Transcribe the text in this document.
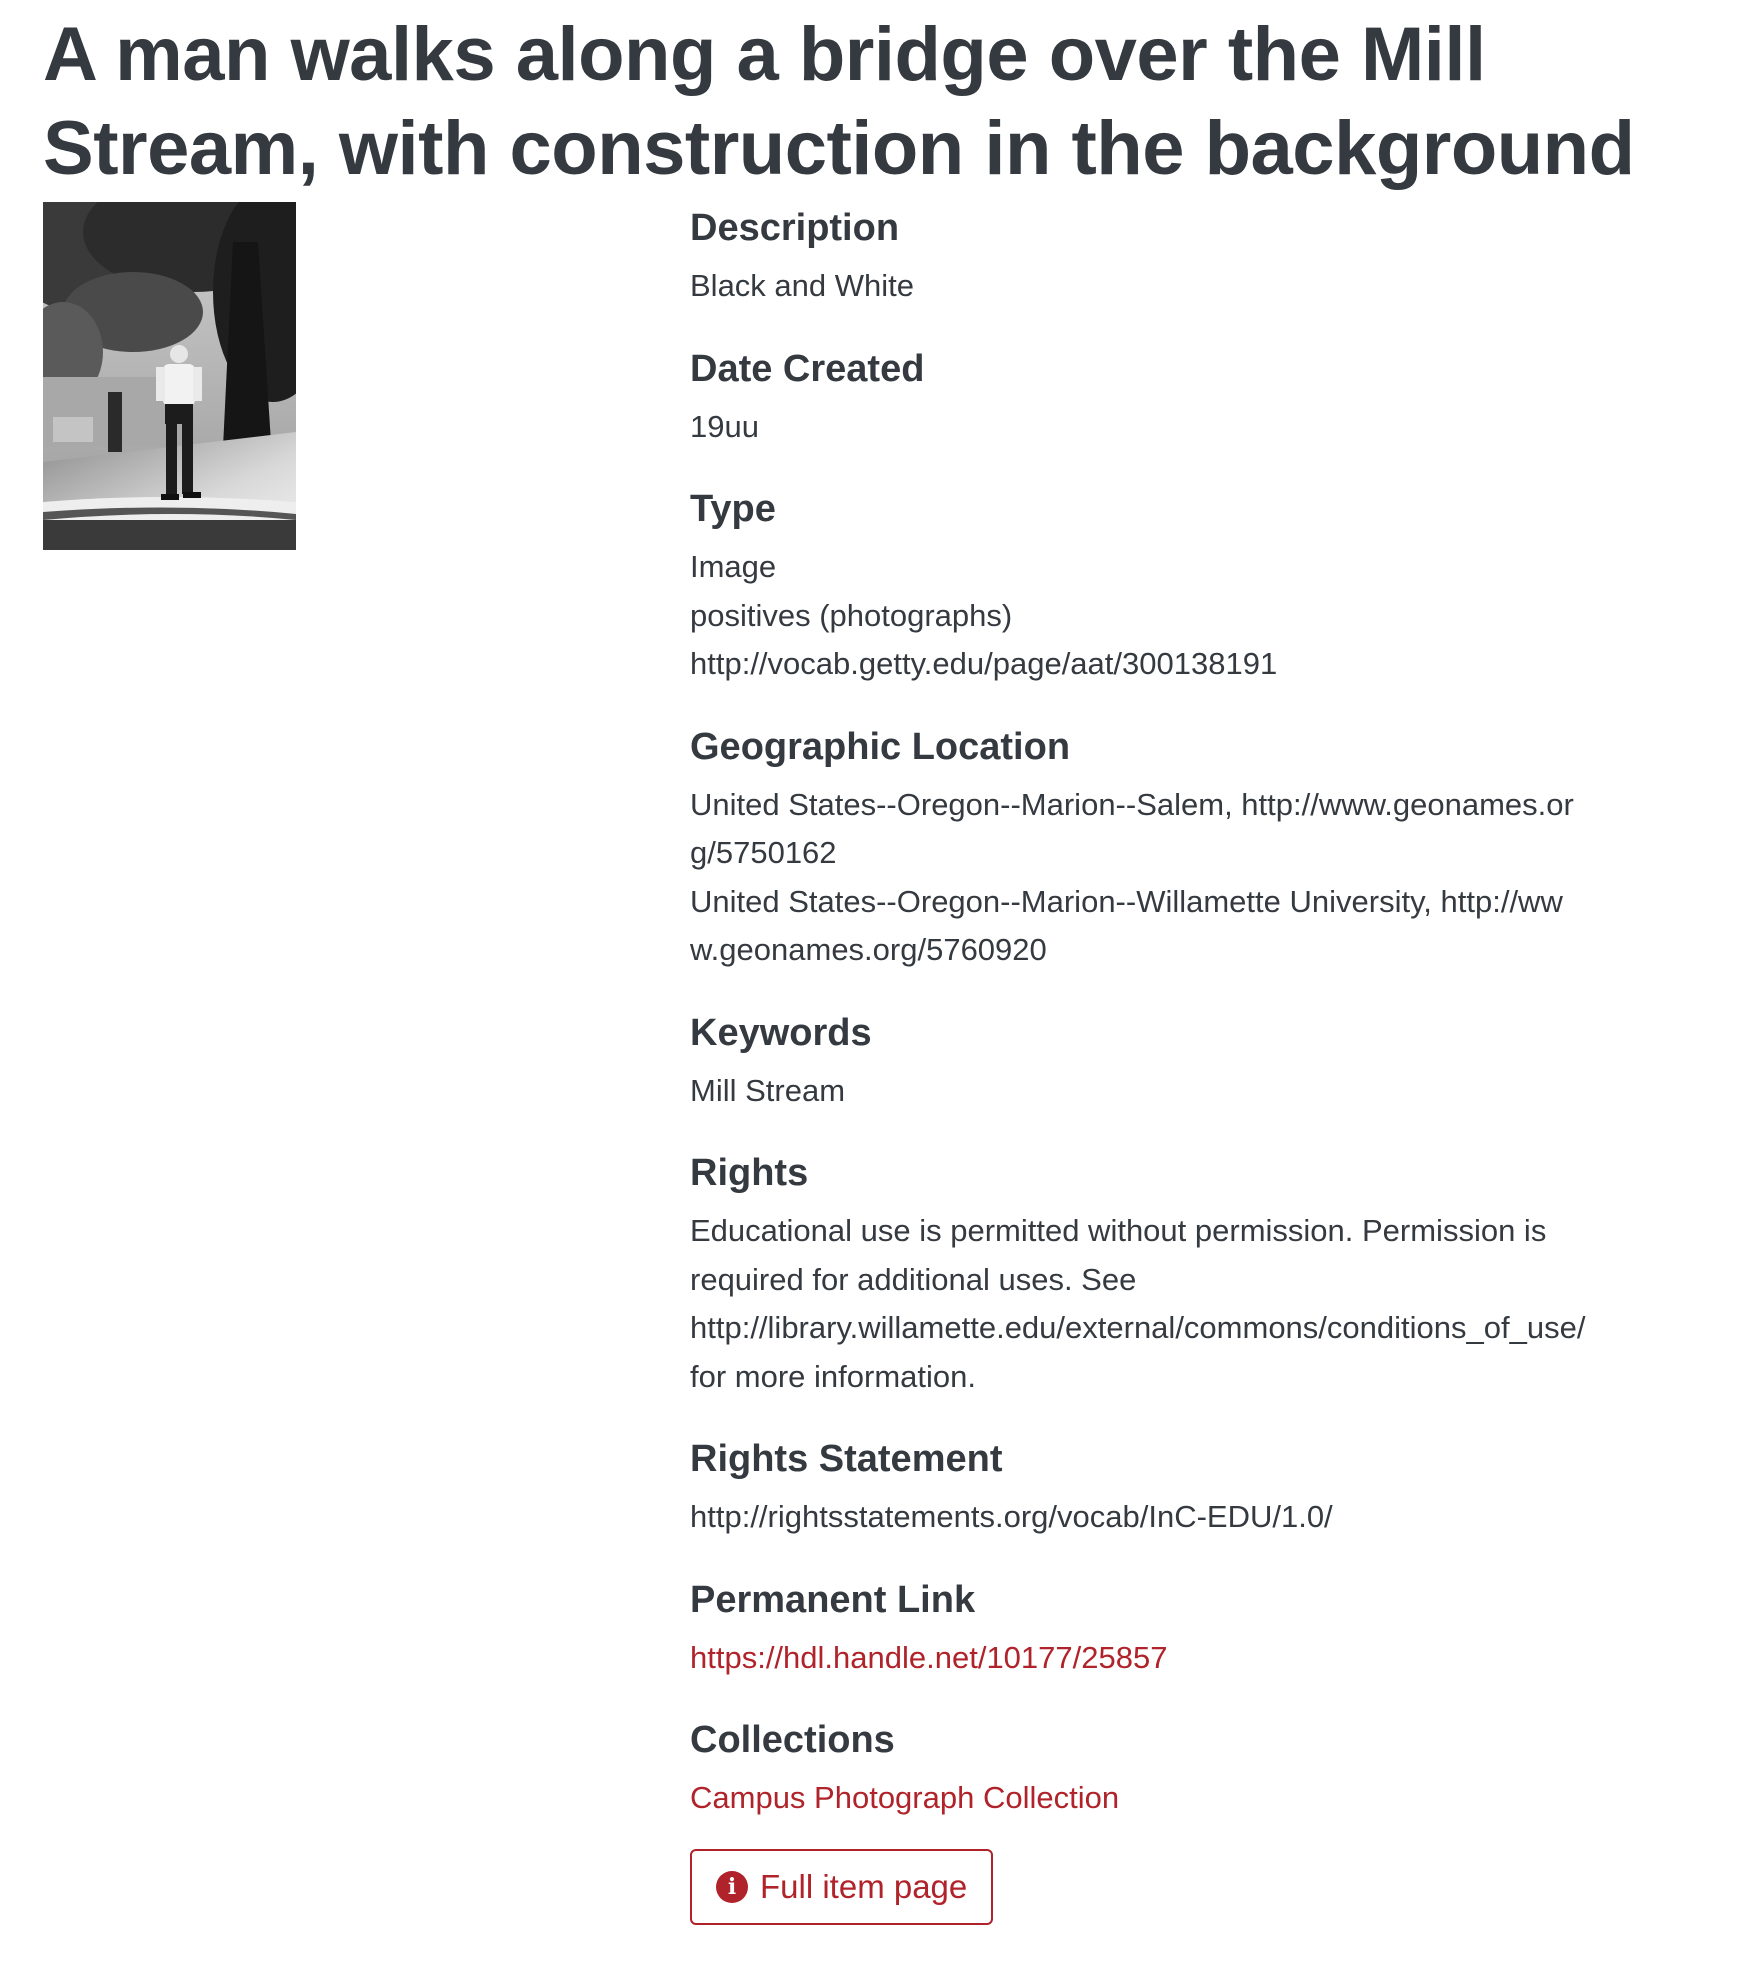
A man walks along a bridge over the Mill Stream, with construction in the background
Description
Black and White
Date Created
19uu
Type
Image
positives (photographs)
http://vocab.getty.edu/page/aat/300138191
Geographic Location
United States--Oregon--Marion--Salem, http://www.geonames.org/5750162
United States--Oregon--Marion--Willamette University, http://www.geonames.org/5760920
Keywords
Mill Stream
Rights
Educational use is permitted without permission. Permission is required for additional uses. See http://library.willamette.edu/external/commons/conditions_of_use/ for more information.
Rights Statement
http://rightsstatements.org/vocab/InC-EDU/1.0/
Permanent Link
https://hdl.handle.net/10177/25857
Collections
Campus Photograph Collection
i Full item page
